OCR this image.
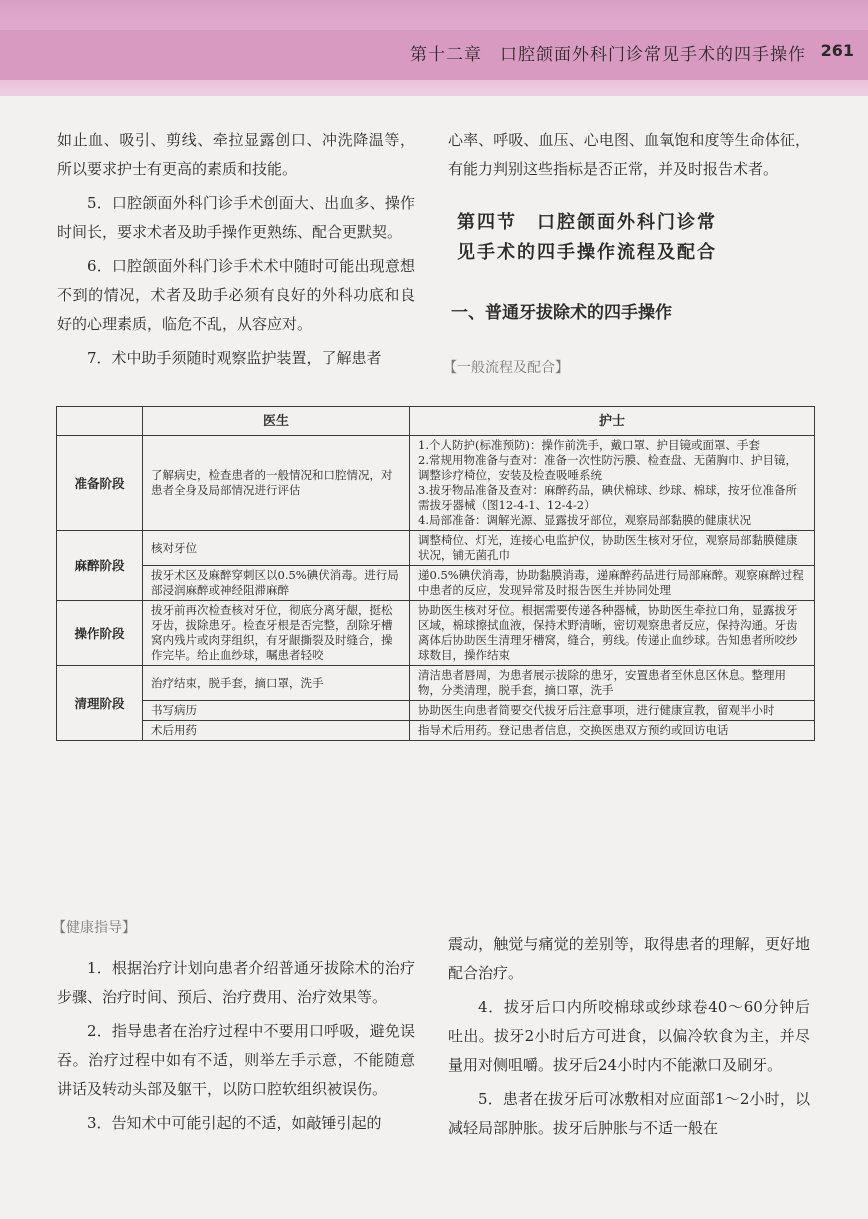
第十二章　口腔颌面外科门诊常见手术的四手操作 261

如止血、吸引、剪线、牵拉显露创口、冲洗降温等，所以要求护士有更高的素质和技能。

5．口腔颌面外科门诊手术创面大、出血多、操作时间长，要求术者及助手操作更熟练、配合更默契。

6．口腔颌面外科门诊手术术中随时可能出现意想不到的情况，术者及助手必须有良好的外科功底和良好的心理素质，临危不乱，从容应对。

7．术中助手须随时观察监护装置，了解患者

心率、呼吸、血压、心电图、血氧饱和度等生命体征，有能力判别这些指标是否正常，并及时报告术者。

第四节　口腔颌面外科门诊常
见手术的四手操作流程及配合
一、普通牙拔除术的四手操作
【一般流程及配合】
	医生	护士
准备阶段	了解病史，检查患者的一般情况和口腔情况，对患者全身及局部情况进行评估	1.个人防护(标准预防)：操作前洗手，戴口罩、护目镜或面罩、手套
2.常规用物准备与查对：准备一次性防污膜、检查盘、无菌胸巾、护目镜，调整诊疗椅位，安装及检查吸唾系统
3.拔牙物品准备及查对：麻醉药品，碘伏棉球、纱球、棉球，按牙位准备所需拔牙器械（图12-4-1、12-4-2）
4.局部准备：调解光源、显露拔牙部位，观察局部黏膜的健康状况

麻醉阶段	核对牙位	调整椅位、灯光，连接心电监护仪，协助医生核对牙位，观察局部黏膜健康状况，铺无菌孔巾

	拔牙术区及麻醉穿刺区以0.5%碘伏消毒。进行局部浸润麻醉或神经阻滞麻醉	递0.5%碘伏消毒，协助黏膜消毒，递麻醉药品进行局部麻醉。观察麻醉过程中患者的反应，发现异常及时报告医生并协同处理

操作阶段	拔牙前再次检查核对牙位，彻底分离牙龈，挺松牙齿，拔除患牙。检查牙根是否完整，刮除牙槽窝内残片或肉芽组织，有牙龈撕裂及时缝合，操作完毕。给止血纱球，嘱患者轻咬	协助医生核对牙位。根据需要传递各种器械，协助医生牵拉口角，显露拔牙区域，棉球擦拭血液，保持术野清晰，密切观察患者反应，保持沟通。牙齿离体后协助医生清理牙槽窝，缝合，剪线。传递止血纱球。告知患者所咬纱球数目，操作结束

清理阶段	治疗结束，脱手套，摘口罩，洗手	清洁患者唇周，为患者展示拔除的患牙，安置患者至休息区休息。整理用物，分类清理，脱手套，摘口罩，洗手

	书写病历	协助医生向患者简要交代拔牙后注意事项，进行健康宣教，留观半小时

	术后用药	指导术后用药。登记患者信息，交换医患双方预约或回访电话
【健康指导】

1．根据治疗计划向患者介绍普通牙拔除术的治疗步骤、治疗时间、预后、治疗费用、治疗效果等。

2．指导患者在治疗过程中不要用口呼吸，避免误吞。治疗过程中如有不适，则举左手示意，不能随意讲话及转动头部及躯干，以防口腔软组织被误伤。

3．告知术中可能引起的不适，如敲锤引起的

震动，触觉与痛觉的差别等，取得患者的理解，更好地配合治疗。

4．拔牙后口内所咬棉球或纱球卷40～60分钟后吐出。拔牙2小时后方可进食，以偏冷软食为主，并尽量用对侧咀嚼。拔牙后24小时内不能漱口及刷牙。

5．患者在拔牙后可冰敷相对应面部1～2小时，以减轻局部肿胀。拔牙后肿胀与不适一般在
